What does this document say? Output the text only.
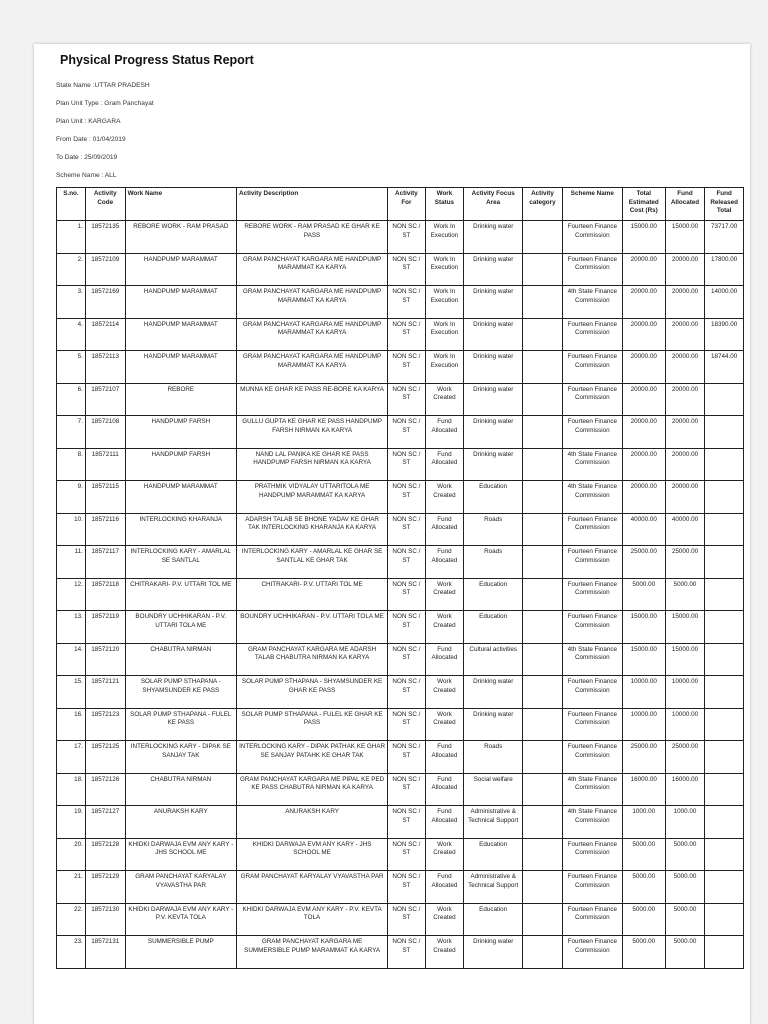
Physical Progress Status Report
State Name :UTTAR PRADESH
Plan Unit Type : Gram Panchayat
Plan Unit : KARGARA
From Date : 01/04/2019
To Date : 25/09/2019
Scheme Name : ALL
S.no.	Activity Code	Work Name	Activity Description	Activity For	Work Status	Activity Focus Area	Activity category	Scheme Name	Total Estimated Cost (Rs)	Fund Allocated	Fund Released Total
1.	18572135	REBORE WORK - RAM PRASAD	REBORE WORK - RAM PRASAD KE GHAR KE PASS	NON SC / ST	Work In Execution	Drinking water		Fourteen Finance Commission	15000.00	15000.00	73717.00
2.	18572109	HANDPUMP MARAMMAT	GRAM PANCHAYAT KARGARA ME HANDPUMP MARAMMAT KA KARYA	NON SC / ST	Work In Execution	Drinking water		Fourteen Finance Commission	20000.00	20000.00	17800.00
3.	18572169	HANDPUMP MARAMMAT	GRAM PANCHAYAT KARGARA ME HANDPUMP MARAMMAT KA KARYA	NON SC / ST	Work In Execution	Drinking water		4th State Finance Commission	20000.00	20000.00	14000.00
4.	18572114	HANDPUMP MARAMMAT	GRAM PANCHAYAT KARGARA ME HANDPUMP MARAMMAT KA KARYA	NON SC / ST	Work In Execution	Drinking water		Fourteen Finance Commission	20000.00	20000.00	18390.00
5.	18572113	HANDPUMP MARAMMAT	GRAM PANCHAYAT KARGARA ME HANDPUMP MARAMMAT KA KARYA	NON SC / ST	Work In Execution	Drinking water		Fourteen Finance Commission	20000.00	20000.00	18744.00
6.	18572107	REBORE	MUNNA KE GHAR KE PASS RE-BORE KA KARYA	NON SC / ST	Work Created	Drinking water		Fourteen Finance Commission	20000.00	20000.00	
7.	18572108	HANDPUMP FARSH	GULLU GUPTA KE GHAR KE PASS HANDPUMP FARSH NIRMAN KA KARYA	NON SC / ST	Fund Allocated	Drinking water		Fourteen Finance Commission	20000.00	20000.00	
8.	18572111	HANDPUMP FARSH	NAND LAL PANIKA KE GHAR KE PASS HANDPUMP FARSH NIRMAN KA KARYA	NON SC / ST	Fund Allocated	Drinking water		4th State Finance Commission	20000.00	20000.00	
9.	18572115	HANDPUMP MARAMMAT	PRATHMIK VIDYALAY UTTARITOLA ME HANDPUMP MARAMMAT KA KARYA	NON SC / ST	Work Created	Education		4th State Finance Commission	20000.00	20000.00	
10.	18572116	INTERLOCKING KHARANJA	ADARSH TALAB SE BHONE YADAV KE GHAR TAK INTERLOCKING KHARANJA KA KARYA	NON SC / ST	Fund Allocated	Roads		Fourteen Finance Commission	40000.00	40000.00	
11.	18572117	INTERLOCKING KARY - AMARLAL SE SANTLAL	INTERLOCKING KARY - AMARLAL KE GHAR SE SANTLAL KE GHAR TAK	NON SC / ST	Fund Allocated	Roads		Fourteen Finance Commission	25000.00	25000.00	
12.	18572118	CHITRAKARI- P.V. UTTARI TOL ME	CHITRAKARI- P.V. UTTARI TOL ME	NON SC / ST	Work Created	Education		Fourteen Finance Commission	5000.00	5000.00	
13.	18572119	BOUNDRY UCHHIKARAN - P.V. UTTARI TOLA ME	BOUNDRY UCHHIKARAN - P.V. UTTARI TOLA ME	NON SC / ST	Work Created	Education		Fourteen Finance Commission	15000.00	15000.00	
14.	18572120	CHABUTRA NIRMAN	GRAM PANCHAYAT KARGARA ME ADARSH TALAB CHABUTRA NIRMAN KA KARYA	NON SC / ST	Fund Allocated	Cultural activities		4th State Finance Commission	15000.00	15000.00	
15.	18572121	SOLAR PUMP STHAPANA - SHYAMSUNDER KE PASS	SOLAR PUMP STHAPANA - SHYAMSUNDER KE GHAR KE PASS	NON SC / ST	Work Created	Drinking water		Fourteen Finance Commission	10000.00	10000.00	
16.	18572123	SOLAR PUMP STHAPANA - FULEL KE PASS	SOLAR PUMP STHAPANA - FULEL KE GHAR KE PASS	NON SC / ST	Work Created	Drinking water		Fourteen Finance Commission	10000.00	10000.00	
17.	18572125	INTERLOCKING KARY - DIPAK SE SANJAY TAK	INTERLOCKING KARY - DIPAK PATHAK KE GHAR SE SANJAY PATAHK KE GHAR TAK	NON SC / ST	Fund Allocated	Roads		Fourteen Finance Commission	25000.00	25000.00	
18.	18572126	CHABUTRA NIRMAN	GRAM PANCHAYAT KARGARA ME PIPAL KE PED KE PASS CHABUTRA NIRMAN KA KARYA	NON SC / ST	Fund Allocated	Social welfare		4th State Finance Commission	16000.00	16000.00	
19.	18572127	ANURAKSH KARY	ANURAKSH KARY	NON SC / ST	Fund Allocated	Administrative & Technical Support		4th State Finance Commission	1000.00	1000.00	
20.	18572128	KHIDKI DARWAJA EVM ANY KARY - JHS SCHOOL ME	KHIDKI DARWAJA EVM ANY KARY - JHS SCHOOL ME	NON SC / ST	Work Created	Education		Fourteen Finance Commission	5000.00	5000.00	
21.	18572129	GRAM PANCHAYAT KARYALAY VYAVASTHA PAR	GRAM PANCHAYAT KARYALAY VYAVASTHA PAR	NON SC / ST	Fund Allocated	Administrative & Technical Support		Fourteen Finance Commission	5000.00	5000.00	
22.	18572130	KHIDKI DARWAJA EVM ANY KARY - P.V. KEVTA TOLA	KHIDKI DARWAJA EVM ANY KARY - P.V. KEVTA TOLA	NON SC / ST	Work Created	Education		Fourteen Finance Commission	5000.00	5000.00	
23.	18572131	SUMMERSIBLE PUMP	GRAM PANCHAYAT KARGARA ME SUMMERSIBLE PUMP MARAMMAT KA KARYA	NON SC / ST	Work Created	Drinking water		Fourteen Finance Commission	5000.00	5000.00	
